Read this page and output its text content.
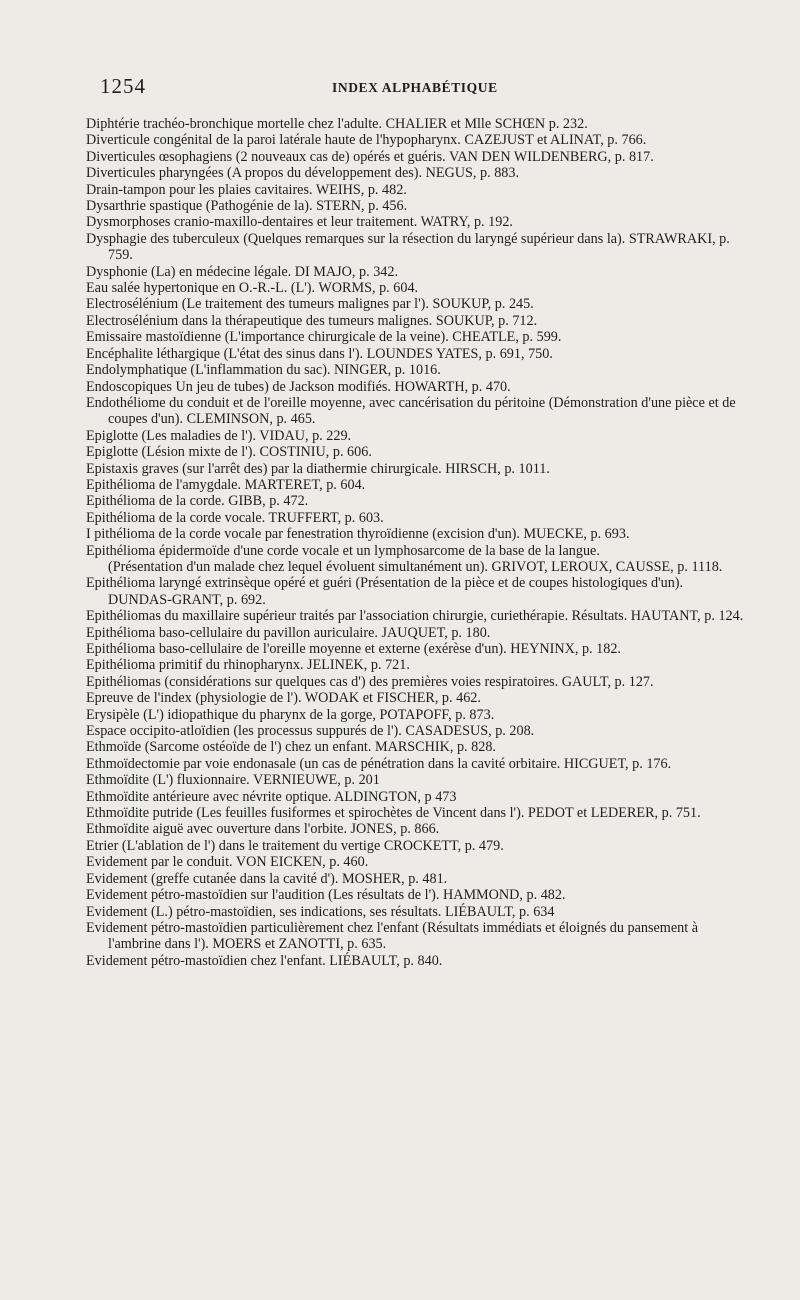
1254	INDEX ALPHABÉTIQUE

Diphtérie trachéo-bronchique mortelle chez l'adulte. CHALIER et Mlle SCHŒN p. 232.

Diverticule congénital de la paroi latérale haute de l'hypopharynx. CAZEJUST et ALINAT, p. 766.

Diverticules œsophagiens (2 nouveaux cas de) opérés et guéris. VAN DEN WILDENBERG, p. 817.

Diverticules pharyngées (A propos du développement des). NEGUS, p. 883.

Drain-tampon pour les plaies cavitaires. WEIHS, p. 482.

Dysarthrie spastique (Pathogénie de la). STERN, p. 456.

Dysmorphoses cranio-maxillo-dentaires et leur traitement. WATRY, p. 192.

Dysphagie des tuberculeux (Quelques remarques sur la résection du laryngé supérieur dans la). STRAWRAKI, p. 759.

Dysphonie (La) en médecine légale. DI MAJO, p. 342.

Eau salée hypertonique en O.-R.-L. (L'). WORMS, p. 604.

Electrosélénium (Le traitement des tumeurs malignes par l'). SOUKUP, p. 245.

Electrosélénium dans la thérapeutique des tumeurs malignes. SOUKUP, p. 712.

Emissaire mastoïdienne (L'importance chirurgicale de la veine). CHEATLE, p. 599.

Encéphalite léthargique (L'état des sinus dans l'). LOUNDES YATES, p. 691, 750.

Endolymphatique (L'inflammation du sac). NINGER, p. 1016.

Endoscopiques Un jeu de tubes) de Jackson modifiés. HOWARTH, p. 470.

Endothéliome du conduit et de l'oreille moyenne, avec cancérisation du péritoine (Démonstration d'une pièce et de coupes d'un). CLEMINSON, p. 465.

Epiglotte (Les maladies de l'). VIDAU, p. 229.

Epiglotte (Lésion mixte de l'). COSTINIU, p. 606.

Epistaxis graves (sur l'arrêt des) par la diathermie chirurgicale. HIRSCH, p. 1011.

Epithélioma de l'amygdale. MARTERET, p. 604.

Epithélioma de la corde. GIBB, p. 472.

Epithélioma de la corde vocale. TRUFFERT, p. 603.

I pithélioma de la corde vocale par fenestration thyroïdienne (excision d'un). MUECKE, p. 693.

Epithélioma épidermoïde d'une corde vocale et un lymphosarcome de la base de la langue.

(Présentation d'un malade chez lequel évoluent simultanément un). GRIVOT, LEROUX, CAUSSE, p. 1118.

Epithélioma laryngé extrinsèque opéré et guéri (Présentation de la pièce et de coupes histologiques d'un). DUNDAS-GRANT, p. 692.

Epithéliomas du maxillaire supérieur traités par l'association chirurgie, curiethérapie. Résultats. HAUTANT, p. 124.

Epithélioma baso-cellulaire du pavillon auriculaire. JAUQUET, p. 180.

Epithélioma baso-cellulaire de l'oreille moyenne et externe (exérèse d'un). HEYNINX, p. 182.

Epithélioma primitif du rhinopharynx. JELINEK, p. 721.

Epithéliomas (considérations sur quelques cas d') des premières voies respiratoires. GAULT, p. 127.

Epreuve de l'index (physiologie de l'). WODAK et FISCHER, p. 462.

Erysipèle (L') idiopathique du pharynx de la gorge, POTAPOFF, p. 873.

Espace occipito-atloïdien (les processus suppurés de l'). CASADESUS, p. 208.

Ethmoïde (Sarcome ostéoïde de l') chez un enfant. MARSCHIK, p. 828.

Ethmoïdectomie par voie endonasale (un cas de pénétration dans la cavité orbitaire. HICGUET, p. 176.

Ethmoïdite (L') fluxionnaire. VERNIEUWE, p. 201

Ethmoïdite antérieure avec névrite optique. ALDINGTON, p 473

Ethmoïdite putride (Les feuilles fusiformes et spirochètes de Vincent dans l'). PEDOT et LEDERER, p. 751.

Ethmoïdite aiguë avec ouverture dans l'orbite. JONES, p. 866.

Etrier (L'ablation de l') dans le traitement du vertige CROCKETT, p. 479.

Evidement par le conduit. VON EICKEN, p. 460.

Evidement (greffe cutanée dans la cavité d'). MOSHER, p. 481.

Evidement pétro-mastoïdien sur l'audition (Les résultats de l'). HAMMOND, p. 482.

Evidement (L.) pétro-mastoïdien, ses indications, ses résultats. LIÉBAULT, p. 634

Evidement pétro-mastoïdien particulièrement chez l'enfant (Résultats immédiats et éloignés du pansement à l'ambrine dans l'). MOERS et ZANOTTI, p. 635.

Evidement pétro-mastoïdien chez l'enfant. LIÉBAULT, p. 840.
